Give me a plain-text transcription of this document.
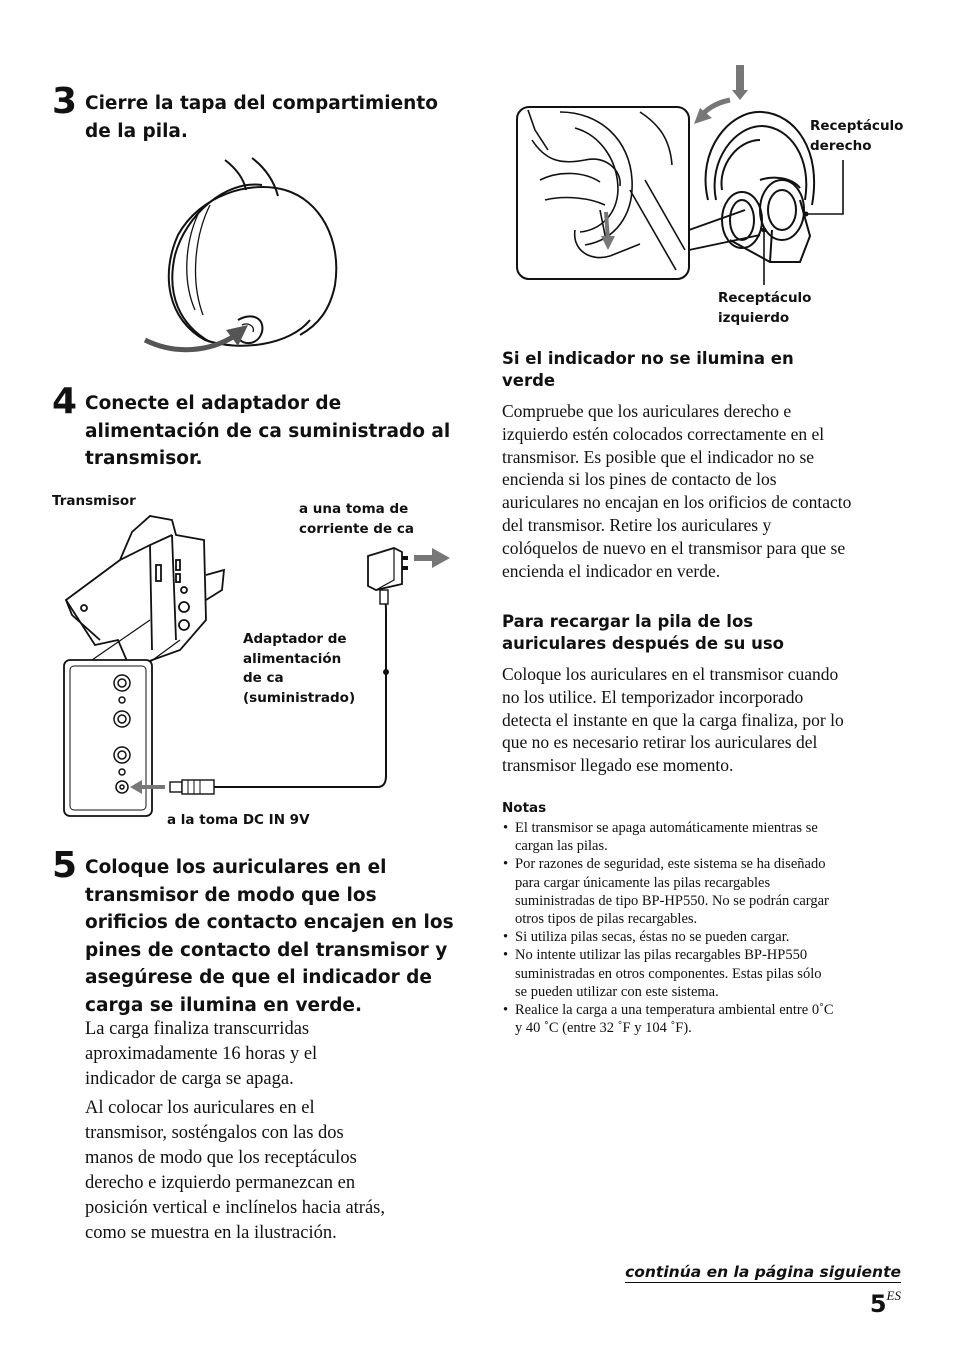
3 Cierre la tapa del compartimiento
de la pila.

4 Conecte el adaptador de
alimentación de ca suministrado al
transmisor.

Transmisor	a una toma de
corriente de ca
Adaptador de
alimentación
de ca
(suministrado)
a la toma DC IN 9V
5 Coloque los auriculares en el
transmisor de modo que los
orificios de contacto encajen en los
pines de contacto del transmisor y
asegúrese de que el indicador de
carga se ilumina en verde.

La carga finaliza transcurridas
aproximadamente 16 horas y el
indicador de carga se apaga.

Al colocar los auriculares en el
transmisor, sosténgalos con las dos
manos de modo que los receptáculos
derecho e izquierdo permanezcan en
posición vertical e inclínelos hacia atrás,
como se muestra en la ilustración.

Receptáculo
derecho
Receptáculo
izquierdo

Si el indicador no se ilumina en
verde

Compruebe que los auriculares derecho e
izquierdo estén colocados correctamente en el
transmisor. Es posible que el indicador no se
encienda si los pines de contacto de los
auriculares no encajan en los orificios de contacto
del transmisor. Retire los auriculares y
colóquelos de nuevo en el transmisor para que se
encienda el indicador en verde.

Para recargar la pila de los
auriculares después de su uso

Coloque los auriculares en el transmisor cuando
no los utilice. El temporizador incorporado
detecta el instante en que la carga finaliza, por lo
que no es necesario retirar los auriculares del
transmisor llegado ese momento.

Notas
• El transmisor se apaga automáticamente mientras se
cargan las pilas.
• Por razones de seguridad, este sistema se ha diseñado
para cargar únicamente las pilas recargables
suministradas de tipo BP-HP550. No se podrán cargar
otros tipos de pilas recargables.
• Si utiliza pilas secas, éstas no se pueden cargar.
• No intente utilizar las pilas recargables BP-HP550
suministradas en otros componentes. Estas pilas sólo
se pueden utilizar con este sistema.
• Realice la carga a una temperatura ambiental entre 0˚C
y 40 ˚C (entre 32 ˚F y 104 ˚F).
continúa en la página siguiente
$5^{ES}$
